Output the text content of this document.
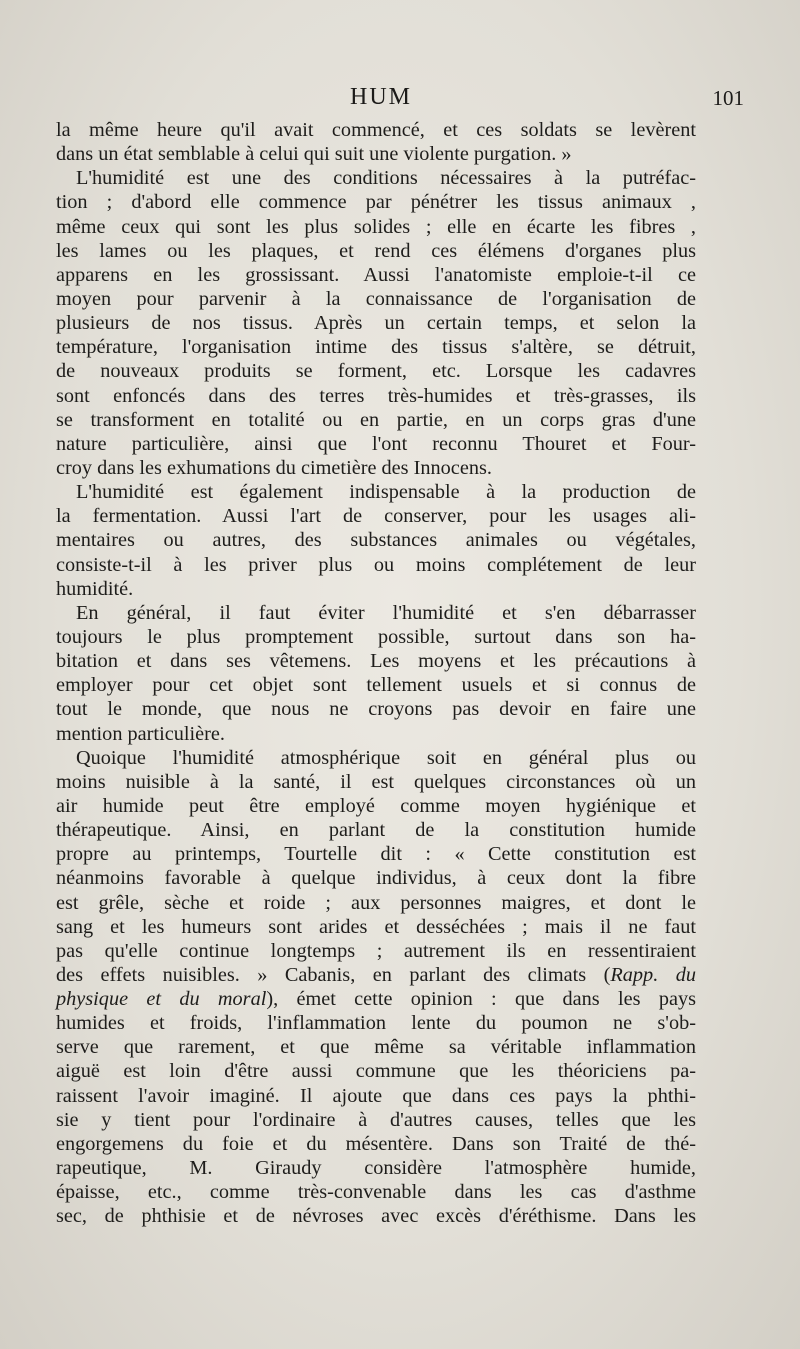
HUM	101
la même heure qu'il avait commencé, et ces soldats se levèrent
dans un état semblable à celui qui suit une violente purgation. »
L'humidité est une des conditions nécessaires à la putréfac-
tion ; d'abord elle commence par pénétrer les tissus animaux ,
même ceux qui sont les plus solides ; elle en écarte les fibres ,
les lames ou les plaques, et rend ces élémens d'organes plus
apparens en les grossissant. Aussi l'anatomiste emploie-t-il ce
moyen pour parvenir à la connaissance de l'organisation de
plusieurs de nos tissus. Après un certain temps, et selon la
température, l'organisation intime des tissus s'altère, se détruit,
de nouveaux produits se forment, etc. Lorsque les cadavres
sont enfoncés dans des terres très-humides et très-grasses, ils
se transforment en totalité ou en partie, en un corps gras d'une
nature particulière, ainsi que l'ont reconnu Thouret et Four-
croy dans les exhumations du cimetière des Innocens.
L'humidité est également indispensable à la production de
la fermentation. Aussi l'art de conserver, pour les usages ali-
mentaires ou autres, des substances animales ou végétales,
consiste-t-il à les priver plus ou moins complétement de leur
humidité.
En général, il faut éviter l'humidité et s'en débarrasser
toujours le plus promptement possible, surtout dans son ha-
bitation et dans ses vêtemens. Les moyens et les précautions à
employer pour cet objet sont tellement usuels et si connus de
tout le monde, que nous ne croyons pas devoir en faire une
mention particulière.
Quoique l'humidité atmosphérique soit en général plus ou
moins nuisible à la santé, il est quelques circonstances où un
air humide peut être employé comme moyen hygiénique et
thérapeutique. Ainsi, en parlant de la constitution humide
propre au printemps, Tourtelle dit : « Cette constitution est
néanmoins favorable à quelque individus, à ceux dont la fibre
est grêle, sèche et roide ; aux personnes maigres, et dont le
sang et les humeurs sont arides et desséchées ; mais il ne faut
pas qu'elle continue longtemps ; autrement ils en ressentiraient
des effets nuisibles. » Cabanis, en parlant des climats (Rapp. du
physique et du moral), émet cette opinion : que dans les pays
humides et froids, l'inflammation lente du poumon ne s'ob-
serve que rarement, et que même sa véritable inflammation
aiguë est loin d'être aussi commune que les théoriciens pa-
raissent l'avoir imaginé. Il ajoute que dans ces pays la phthi-
sie y tient pour l'ordinaire à d'autres causes, telles que les
engorgemens du foie et du mésentère. Dans son Traité de thé-
rapeutique, M. Giraudy considère l'atmosphère humide,
épaisse, etc., comme très-convenable dans les cas d'asthme
sec, de phthisie et de névroses avec excès d'éréthisme. Dans les
